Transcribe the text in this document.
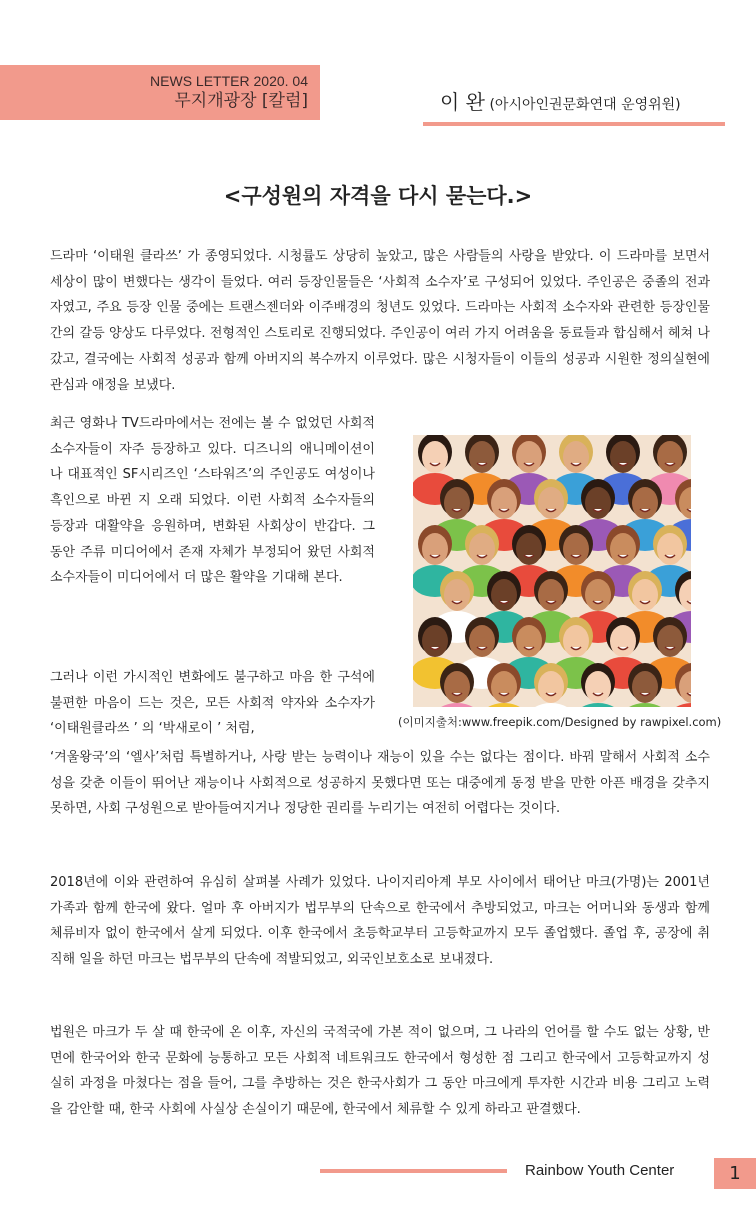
NEWS LETTER 2020. 04
무지개광장 [칼럼]	이 완 (아시아인권문화연대 운영위원)
<구성원의 자격을 다시 묻는다.>

드라마 ‘이태원 클라쓰’ 가 종영되었다. 시청률도 상당히 높았고, 많은 사람들의 사랑을 받았다. 이 드라마를 보면서 세상이 많이 변했다는 생각이 들었다. 여러 등장인물들은 ‘사회적 소수자’로 구성되어 있었다. 주인공은 중졸의 전과자였고, 주요 등장 인물 중에는 트랜스젠더와 이주배경의 청년도 있었다. 드라마는 사회적 소수자와 관련한 등장인물 간의 갈등 양상도 다루었다. 전형적인 스토리로 진행되었다. 주인공이 여러 가지 어려움을 동료들과 합심해서 헤쳐 나갔고, 결국에는 사회적 성공과 함께 아버지의 복수까지 이루었다. 많은 시청자들이 이들의 성공과 시원한 정의실현에 관심과 애정을 보냈다.

최근 영화나 TV드라마에서는 전에는 볼 수 없었던 사회적 소수자들이 자주 등장하고 있다. 디즈니의 애니메이션이나 대표적인 SF시리즈인 ‘스타워즈’의 주인공도 여성이나 흑인으로 바뀐 지 오래 되었다. 이런 사회적 소수자들의 등장과 대활약을 응원하며, 변화된 사회상이 반갑다. 그 동안 주류 미디어에서 존재 자체가 부정되어 왔던 사회적 소수자들이 미디어에서 더 많은 활약을 기대해 본다.

(이미지출처:www.freepik.com/Designed by rawpixel.com)

그러나 이런 가시적인 변화에도 불구하고 마음 한 구석에 불편한 마음이 드는 것은, 모든 사회적 약자와 소수자가 ‘이태원클라쓰 ’ 의 ‘박새로이 ’ 처럼,

‘겨울왕국’의 ‘엘사’처럼 특별하거나, 사랑 받는 능력이나 재능이 있을 수는 없다는 점이다. 바꿔 말해서 사회적 소수성을 갖춘 이들이 뛰어난 재능이나 사회적으로 성공하지 못했다면 또는 대중에게 동정 받을 만한 아픈 배경을 갖추지 못하면, 사회 구성원으로 받아들여지거나 정당한 권리를 누리기는 여전히 어렵다는 것이다.

2018년에 이와 관련하여 유심히 살펴볼 사례가 있었다. 나이지리아계 부모 사이에서 태어난 마크(가명)는 2001년 가족과 함께 한국에 왔다. 얼마 후 아버지가 법무부의 단속으로 한국에서 추방되었고, 마크는 어머니와 동생과 함께 체류비자 없이 한국에서 살게 되었다. 이후 한국에서 초등학교부터 고등학교까지 모두 졸업했다. 졸업 후, 공장에 취직해 일을 하던 마크는 법무부의 단속에 적발되었고, 외국인보호소로 보내졌다.

법원은 마크가 두 살 때 한국에 온 이후, 자신의 국적국에 가본 적이 없으며, 그 나라의 언어를 할 수도 없는 상황, 반면에 한국어와 한국 문화에 능통하고 모든 사회적 네트워크도 한국에서 형성한 점 그리고 한국에서 고등학교까지 성실히 과정을 마쳤다는 점을 들어, 그를 추방하는 것은 한국사회가 그 동안 마크에게 투자한 시간과 비용 그리고 노력을 감안할 때, 한국 사회에 사실상 손실이기 때문에, 한국에서 체류할 수 있게 하라고 판결했다.

Rainbow Youth Center	1
